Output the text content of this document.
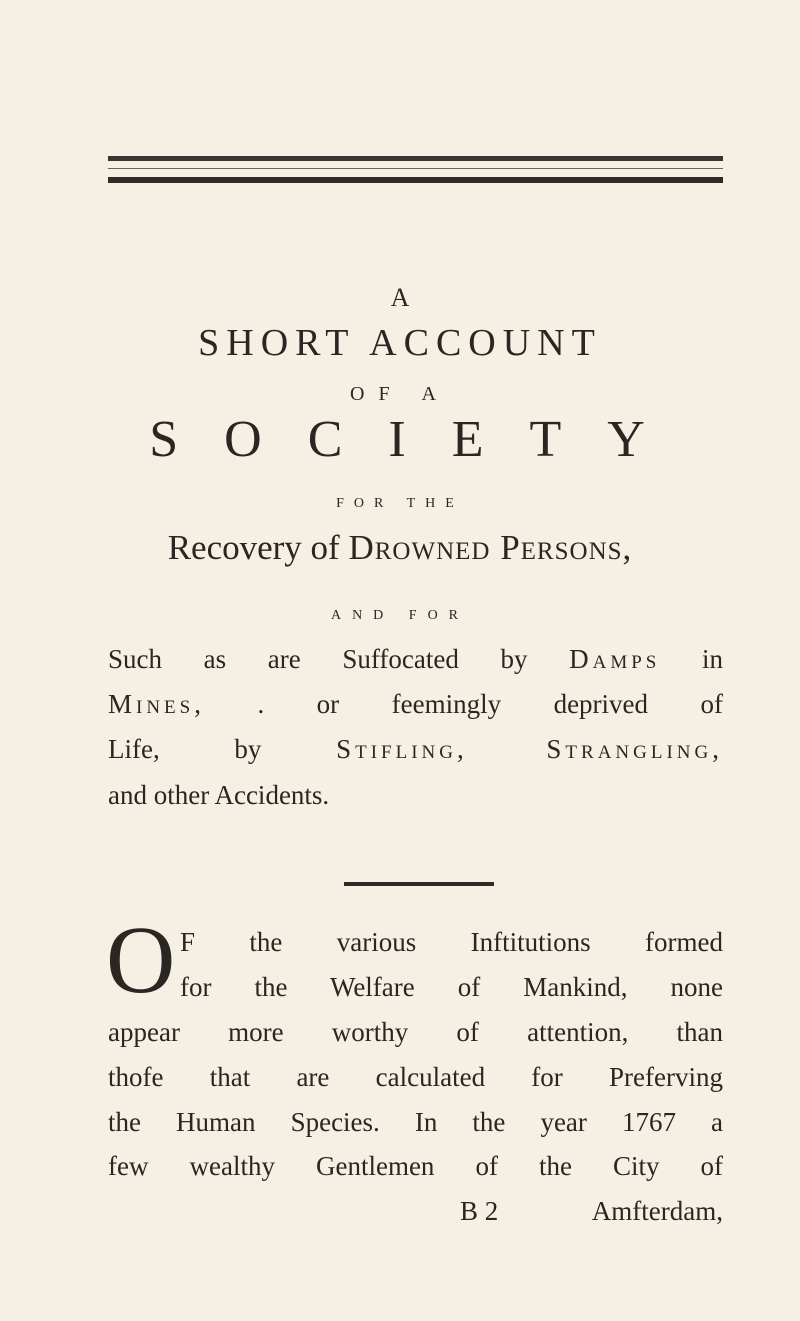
A
SHORT ACCOUNT
OF A
SOCIETY
FOR THE
Recovery of Drowned Persons,
AND FOR
Such as are Suffocated by Damps in
Mines, . or feemingly deprived of
Life, by Stifling, Strangling,
and other Accidents.
O F the various Inftitutions formed
for the Welfare of Mankind, none
appear more worthy of attention, than
thofe that are calculated for Preferving
the Human Species. In the year 1767 a
few wealthy Gentlemen of the City of
B 2	Amfterdam,
